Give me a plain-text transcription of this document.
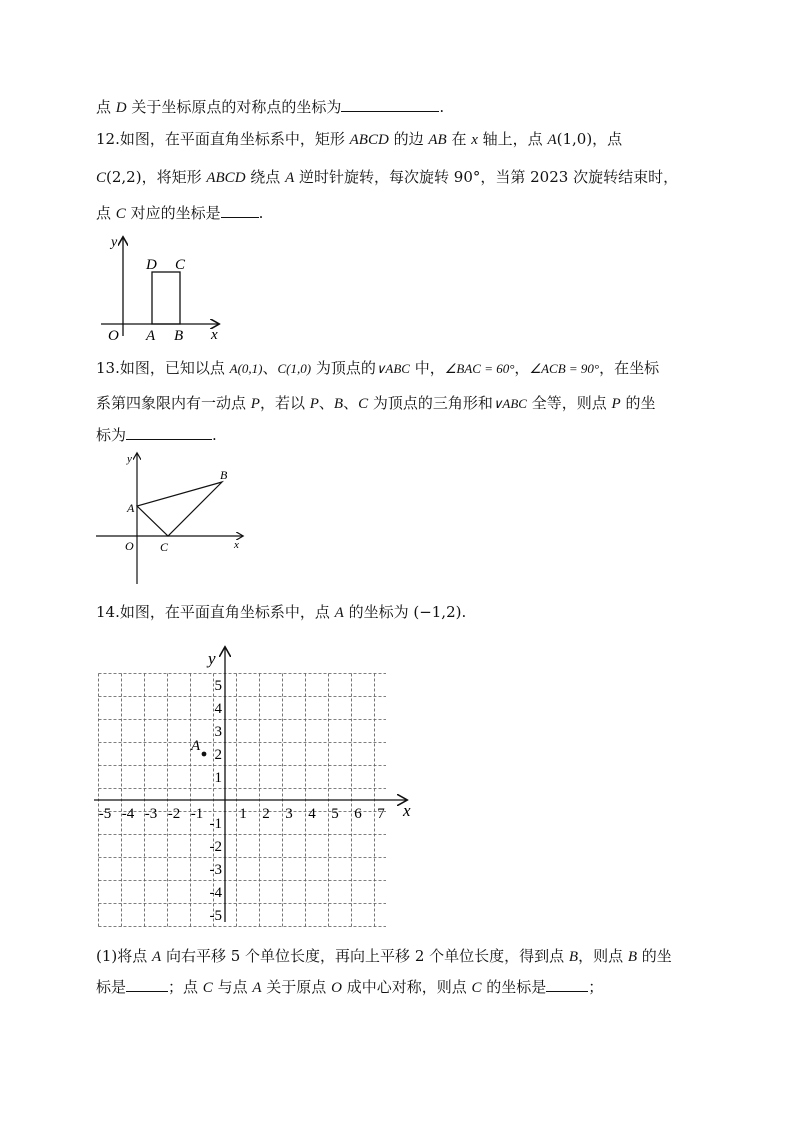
点 D 关于坐标原点的对称点的坐标为	.
12.如图，在平面直角坐标系中，矩形 ABCD 的边 AB 在 x 轴上，点 A(1,0)，点
C(2,2)，将矩形 ABCD 绕点 A 逆时针旋转，每次旋转 90°，当第 2023 次旋转结束时，
点 C 对应的坐标是	.
y
x
O A B
D C
13.如图，已知以点 A(0,1)、C(1,0) 为顶点的∨ABC 中，∠BAC = 60°，∠ACB = 90°，在坐标
系第四象限内有一动点 P，若以 P、B、C 为顶点的三角形和∨ABC 全等，则点 P 的坐
标为	.
y
x
O
A
C
B
14.如图，在平面直角坐标系中，点 A 的坐标为 (−1,2).
-5 -4 -3 -2 -1 1 2 3 4 5 6 7
5
4
3
2
1
-1
-2
-3
-4
-5
y
x
A
(1)将点 A 向右平移 5 个单位长度，再向上平移 2 个单位长度，得到点 B，则点 B 的坐
标是	；点 C 与点 A 关于原点 O 成中心对称，则点 C 的坐标是	；
